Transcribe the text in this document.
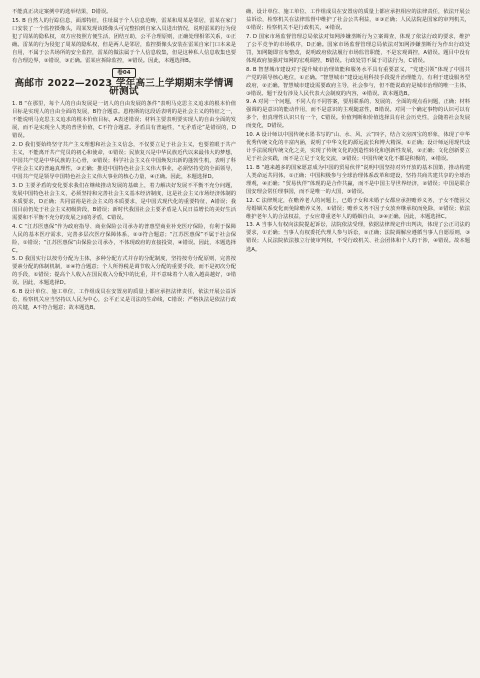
不能真正决定案例中的选举结果，D错误。

15. B 自然人的行踪信息，面部特征，住址属于个人信息范畴，雷某和周某是邻居，雷某在家门口安装了一个监控摄像头，周某发现该摄像头可完整拍到自家入员进出情况，说明雷某的行为侵犯了周某的隐私权，双方应按照方便生活，团结互助，公平合理原则，正确处理相邻关系，①正确。雷某的行为侵犯了周某的隐私权，但是两人是邻居，监控摄像头安装在雷某自家门口本来是自用，不属于公共场所的安全监控，雷某的做法属于个人信息收集，但是这种私人信息收集也要有合理边界，②错误，③正确。雷某应拆除监控，④错误。因此，本题选择B。

卷04
高邮市 2022—2023 学年高三上学期期末学情调研测试

1. B “在那里，每个人的自由发展是一切人的自由发展的条件”表明马克思主义追求的根本价值目标是实现人的自由全面的发展，B符合题意。恩格斯的这段话表明的是社会主义的特征之一，不能说明马克思主义追求的根本价值目标，A表述错误；材料主要表明要实现人的自由全面的发展，而不是实现全人类的普世价值，C不符合题意。矛盾具有普遍性，“无矛盾论”是错误的，D错误。

2. D 我们要始终坚守共产主义理想和社会主义信念，不仅要立足于社会主义，也要着眼于共产主义，不能离开共产党员的初心和使命，①错误；民族复兴是中华民族近代以来最伟大的梦想，中国共产党是中华民族的主心骨，②错误；科学社会主义在中国焕发出新的蓬勃生机，表明了科学社会主义的普遍真理性，③正确；推进中国特色社会主义伟大事业，必须坚持党的全面领导，中国共产党是领导中国特色社会主义伟大事业的核心力量，④正确。因此，本题选择D。

3. D 主要矛盾的变化要求我们在继续推动发展的基础上，着力解决好发展不平衡不充分问题，发展中国特色社会主义，必须坚持和完善社会主义基本经济制度，这是社会主义市场经济体制的本质要求，D正确；共同富裕是社会主义的本质要求，是中国式现代化的重要特征，A错误；我国目前仍处于社会主义初级阶段，B错误；新时代我国社会主要矛盾是人民日益增长的美好生活需要和不平衡不充分的发展之间的矛盾，C错误。

4. C “江苏医惠保”作为政府指导、商业保险公司承办的普惠型商业补充医疗保险，有利于保障人民的基本医疗需求，完善多层次医疗保障体系，②③符合题意；“江苏医惠保”不属于社会保险，①错误；“江苏医惠保”由保险公司承办，不体现政府的直接投资，④错误。因此，本题选择C。

5. D 我国实行以按劳分配为主体，多种分配方式并存的分配制度，坚持按劳分配原则，完善按要素分配的体制机制，②④符合题意；个人所得税是调节收入分配的重要手段，而不是初次分配的手段，①错误；提高个人收入在国民收入分配中的比重，并不意味着个人收入越高越好，③错误。因此，本题选择D。

6. B 设计单位、施工单位、工作组成员在安置房的质量上都应承担法律责任，依法开展公益诉讼，检察机关应当坚持以人民为中心，公平正义是司法的生命线，C错误；严格执法是依法行政的关键，A不符合题意；故本题选B。

确、设计单位、施工单位、工作组成员在安置房的质量上都应承担相应的法律责任，依法开展公益诉讼，检察机关在法律监督中维护了社会公共利益，②③正确；人民法院是国家的审判机关，①错误；检察机关不是行政机关，④错误。

7. D 国家市场监督管理总局依法对知网涉嫌垄断行为立案调查，体现了依法行政的要求，维护了公平竞争的市场秩序，D正确。国家市场监督管理总局依法对知网涉嫌垄断行为作出行政处罚，知网随即宣布整改，说明政府依法履行市场监管职能，不是宏观调控，A错误。题目中没有体现政府加强对知网的宏观调控，B错误。行政处罚不属于司法行为，C错误。

8. B 智慧城市建设对于提升城市治理效能和服务水平具有重要意义，“党建引领”体现了中国共产党的领导核心地位，①正确。“智慧城市”建设运用科技手段提升治理能力，有利于建设服务型政府，②正确。智慧城市建设需要政府主导，社会参与，但不能说政府是城市治理的唯一主体，③错误。题干没有涉及人民代表大会制度的内容，④错误。故本题选B。

9. A 对同一个问题，不同人有不同答案，要用联系的、发展的、全面的观点看问题，正确；材料强调的是意识的能动作用，而不是意识的主观随意性，B错误。对同一个确定事物的认识可以有多个，但真理性认识只有一个，C错误。价值判断和价值选择具有社会历史性，会随着社会发展而变化，D错误。

10. A 设计师以中国传统水墨书写的“山、水、风、云”四字，结合文房四宝的形象，体现了中华优秀传统文化的丰富内涵，说明了中华文化的源远流长和博大精深，①正确；设计师运用现代设计手法展现传统文化之美，实现了传统文化的创造性转化和创新性发展，②正确；文化创新要立足于社会实践，而不是立足于文化交流，③错误；中国传统文化不都是积极的，④错误。

11. B “越来越多的国家愿意成为中国的贸易伙伴”说明中国坚持对外开放的基本国策，推动构建人类命运共同体，①正确；中国积极参与全球治理体系改革和建设，坚持共商共建共享的全球治理观，④正确；“贸易伙伴”体现的是合作共赢，而不是中国主导世界经济，②错误；中国是联合国安理会常任理事国，而不是唯一的大国，③错误。

12. C 法律规定，在赡养老人的问题上，已婚子女和未婚子女都应承担赡养义务，子女不能因父母婚姻关系变化而免除赡养义务，①错误；赡养义务不因子女放弃继承权而免除，②错误；依法维护老年人的合法权益，子女应尊重老年人的婚姻自由，③④正确。因此，本题选择C。

13. A 当事人有权向法院提起诉讼，法院依法受理，依据法律规定作出判决，体现了公正司法的要求，①正确；当事人有权委托代理人参与诉讼，②正确；法院调解应遵循当事人自愿原则，③错误；人民法院依法独立行使审判权，不受行政机关、社会团体和个人的干涉，④错误。故本题选A。
